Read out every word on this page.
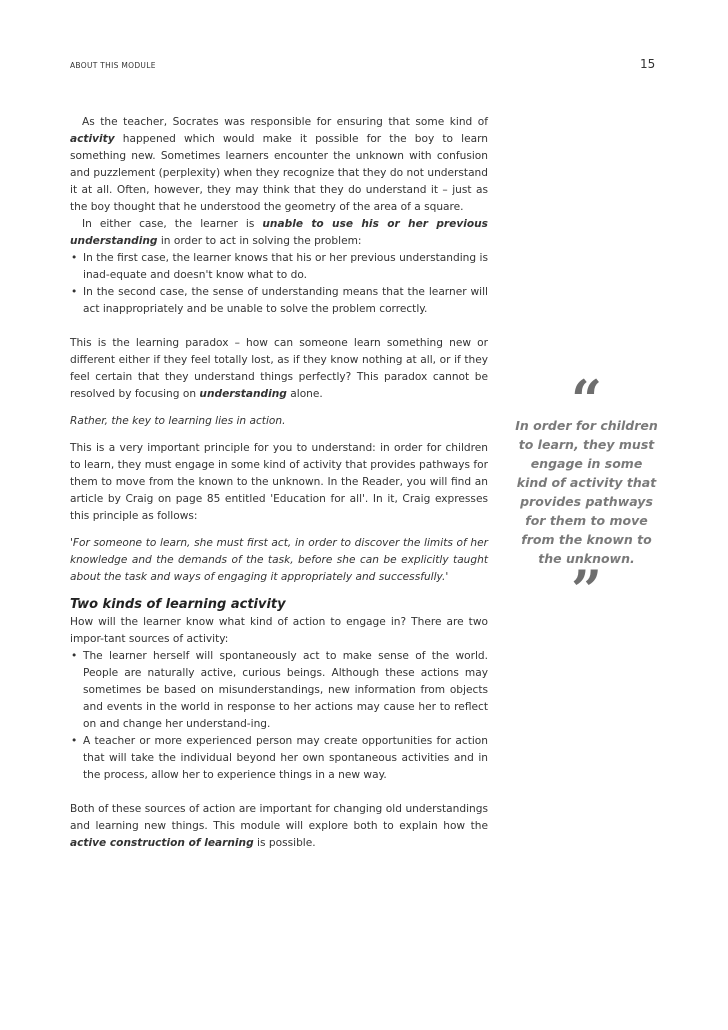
ABOUT THIS MODULE	15

As the teacher, Socrates was responsible for ensuring that some kind of activity happened which would make it possible for the boy to learn something new. Sometimes learners encounter the unknown with confusion and puzzlement (perplexity) when they recognize that they do not understand it at all. Often, however, they may think that they do understand it – just as the boy thought that he understood the geometry of the area of a square.

In either case, the learner is unable to use his or her previous understanding in order to act in solving the problem:

• In the first case, the learner knows that his or her previous understanding is inad-equate and doesn't know what to do.
• In the second case, the sense of understanding means that the learner will act inappropriately and be unable to solve the problem correctly.

This is the learning paradox – how can someone learn something new or different either if they feel totally lost, as if they know nothing at all, or if they feel certain that they understand things perfectly? This paradox cannot be resolved by focusing on understanding alone.

Rather, the key to learning lies in action.

This is a very important principle for you to understand: in order for children to learn, they must engage in some kind of activity that provides pathways for them to move from the known to the unknown. In the Reader, you will find an article by Craig on page 85 entitled 'Education for all'. In it, Craig expresses this principle as follows:

'For someone to learn, she must first act, in order to discover the limits of her knowledge and the demands of the task, before she can be explicitly taught about the task and ways of engaging it appropriately and successfully.'

Two kinds of learning activity

How will the learner know what kind of action to engage in? There are two impor-tant sources of activity:

• The learner herself will spontaneously act to make sense of the world. People are naturally active, curious beings. Although these actions may sometimes be based on misunderstandings, new information from objects and events in the world in response to her actions may cause her to reflect on and change her understand-ing.
• A teacher or more experienced person may create opportunities for action that will take the individual beyond her own spontaneous activities and in the process, allow her to experience things in a new way.

Both of these sources of action are important for changing old understandings and learning new things. This module will explore both to explain how the active construction of learning is possible.

“
In order for children to learn, they must engage in some kind of activity that provides pathways for them to move from the known to the unknown.
”
